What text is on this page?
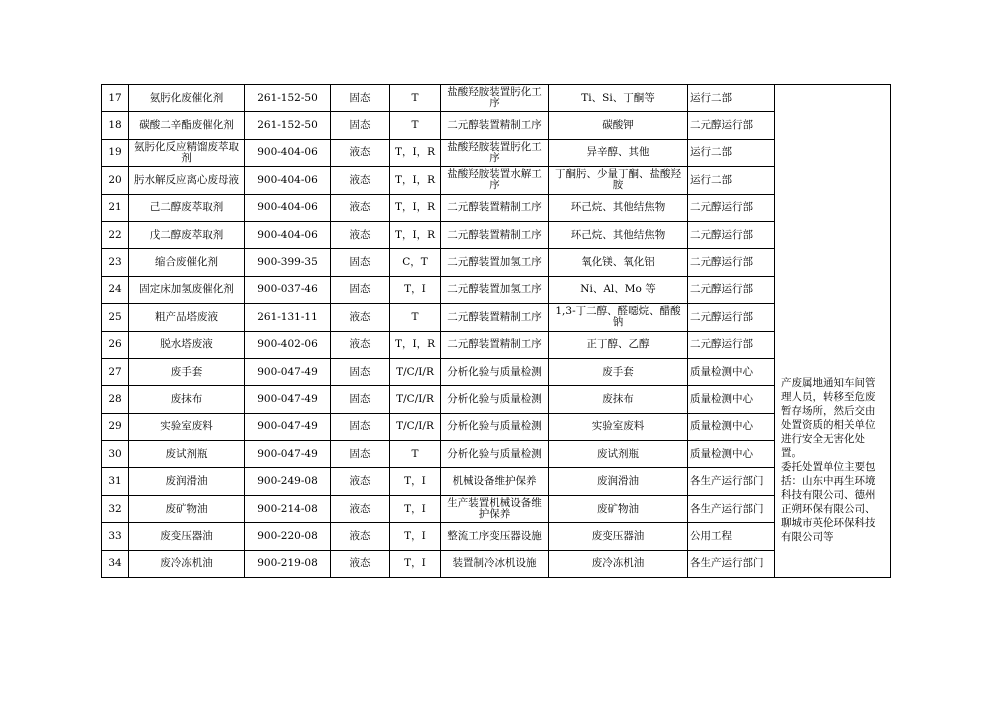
17	氨肟化废催化剂	261-152-50	固态	T	盐酸羟胺装置肟化工序	Ti、Si、丁酮等	运行二部	产废属地通知车间管理人员，转移至危废暂存场所，然后交由处置资质的相关单位进行安全无害化处置。

委托处置单位主要包括：山东中再生环境科技有限公司、德州正朔环保有限公司、聊城市英伦环保科技有限公司等

18	碳酸二辛酯废催化剂	261-152-50	固态	T	二元醇装置精制工序	碳酸钾	二元醇运行部	
19	氨肟化反应精馏废萃取剂	900-404-06	液态	T，I，R	盐酸羟胺装置肟化工序	异辛醇、其他	运行二部	
20	肟水解反应离心废母液	900-404-06	液态	T，I，R	盐酸羟胺装置水解工序	丁酮肟、少量丁酮、盐酸羟胺	运行二部	
21	己二醇废萃取剂	900-404-06	液态	T，I，R	二元醇装置精制工序	环己烷、其他结焦物	二元醇运行部	
22	戊二醇废萃取剂	900-404-06	液态	T，I，R	二元醇装置精制工序	环己烷、其他结焦物	二元醇运行部	
23	缩合废催化剂	900-399-35	固态	C，T	二元醇装置加氢工序	氧化镁、氧化铝	二元醇运行部	
24	固定床加氢废催化剂	900-037-46	固态	T，I	二元醇装置加氢工序	Ni、Al、Mo 等	二元醇运行部	
25	粗产品塔废液	261-131-11	液态	T	二元醇装置精制工序	1,3-丁二醇、醛噁烷、醋酸钠	二元醇运行部	
26	脱水塔废液	900-402-06	液态	T，I，R	二元醇装置精制工序	正丁醇、乙醇	二元醇运行部	
27	废手套	900-047-49	固态	T/C/I/R	分析化验与质量检测	废手套	质量检测中心	
28	废抹布	900-047-49	固态	T/C/I/R	分析化验与质量检测	废抹布	质量检测中心	
29	实验室废料	900-047-49	固态	T/C/I/R	分析化验与质量检测	实验室废料	质量检测中心	
30	废试剂瓶	900-047-49	固态	T	分析化验与质量检测	废试剂瓶	质量检测中心	
31	废润滑油	900-249-08	液态	T，I	机械设备维护保养	废润滑油	各生产运行部门	
32	废矿物油	900-214-08	液态	T，I	生产装置机械设备维护保养	废矿物油	各生产运行部门	
33	废变压器油	900-220-08	液态	T，I	整流工序变压器设施	废变压器油	公用工程	
34	废冷冻机油	900-219-08	液态	T，I	装置制冷冰机设施	废冷冻机油	各生产运行部门	
